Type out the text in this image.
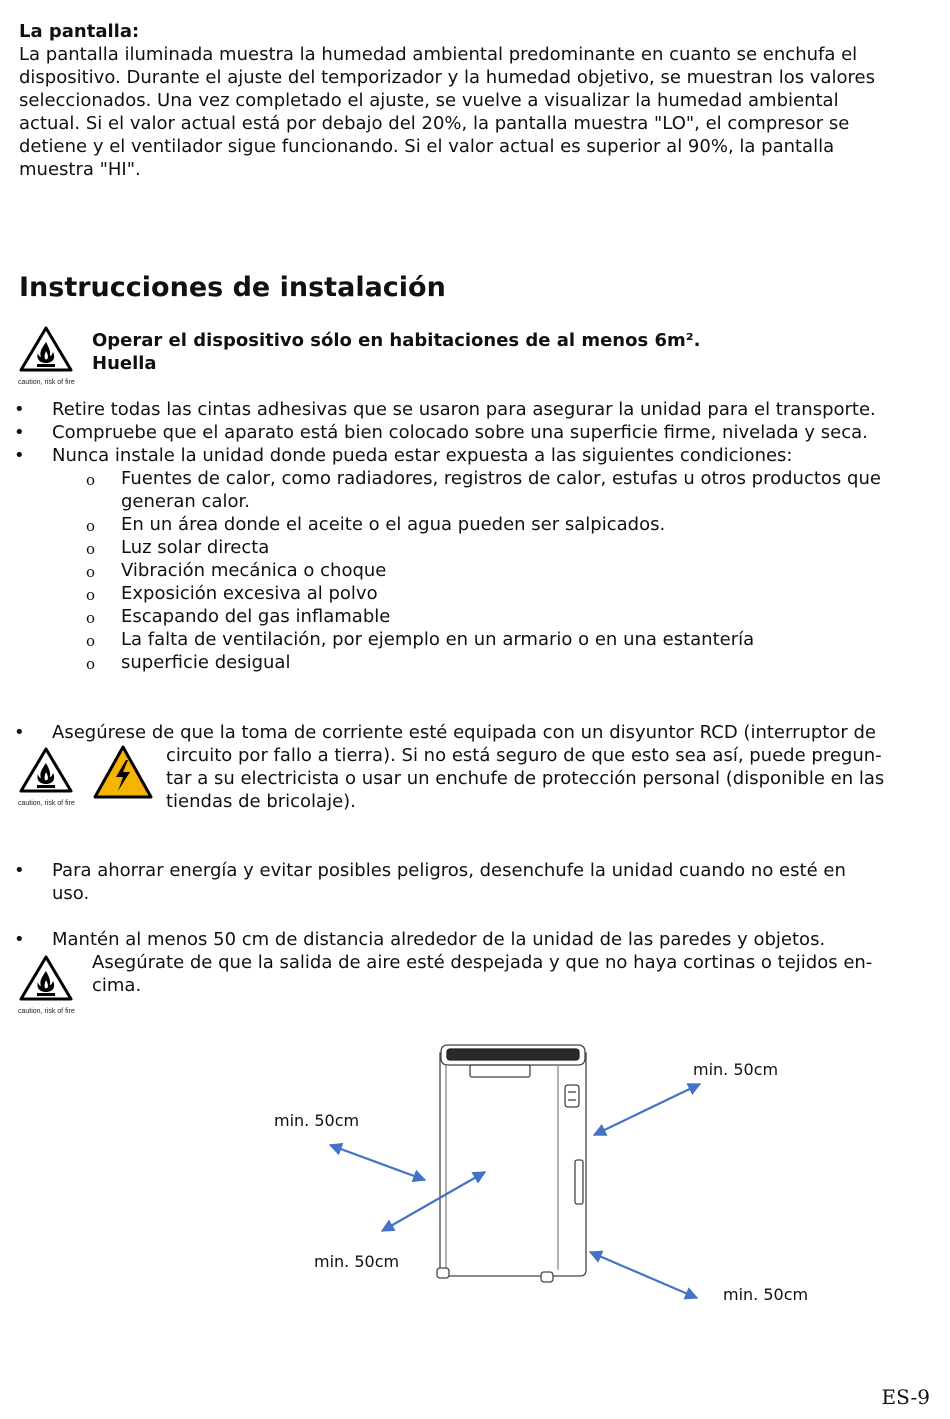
La pantalla:
La pantalla iluminada muestra la humedad ambiental predominante en cuanto se enchufa el
dispositivo. Durante el ajuste del temporizador y la humedad objetivo, se muestran los valores
seleccionados. Una vez completado el ajuste, se vuelve a visualizar la humedad ambiental
actual. Si el valor actual está por debajo del 20%, la pantalla muestra "LO", el compresor se
detiene y el ventilador sigue funcionando. Si el valor actual es superior al 90%, la pantalla
muestra "HI".
Instrucciones de instalación
caution, risk of fire
Operar el dispositivo sólo en habitaciones de al menos 6m².
Huella
• Retire todas las cintas adhesivas que se usaron para asegurar la unidad para el transporte.
• Compruebe que el aparato está bien colocado sobre una superficie firme, nivelada y seca.
• Nunca instale la unidad donde pueda estar expuesta a las siguientes condiciones:
o Fuentes de calor, como radiadores, registros de calor, estufas u otros productos que
generan calor.
o En un área donde el aceite o el agua pueden ser salpicados.
o Luz solar directa
o Vibración mecánica o choque
o Exposición excesiva al polvo
o Escapando del gas inflamable
o La falta de ventilación, por ejemplo en un armario o en una estantería
o superficie desigual
• Asegúrese de que la toma de corriente esté equipada con un disyuntor RCD (interruptor de
circuito por fallo a tierra). Si no está seguro de que esto sea así, puede pregun-
tar a su electricista o usar un enchufe de protección personal (disponible en las
tiendas de bricolaje).
caution, risk of fire
• Para ahorrar energía y evitar posibles peligros, desenchufe la unidad cuando no esté en
uso.
• Mantén al menos 50 cm de distancia alrededor de la unidad de las paredes y objetos.
Asegúrate de que la salida de aire esté despejada y que no haya cortinas o tejidos en-
cima.
caution, risk of fire
min. 50cm
min. 50cm
min. 50cm
min. 50cm
ES-9
